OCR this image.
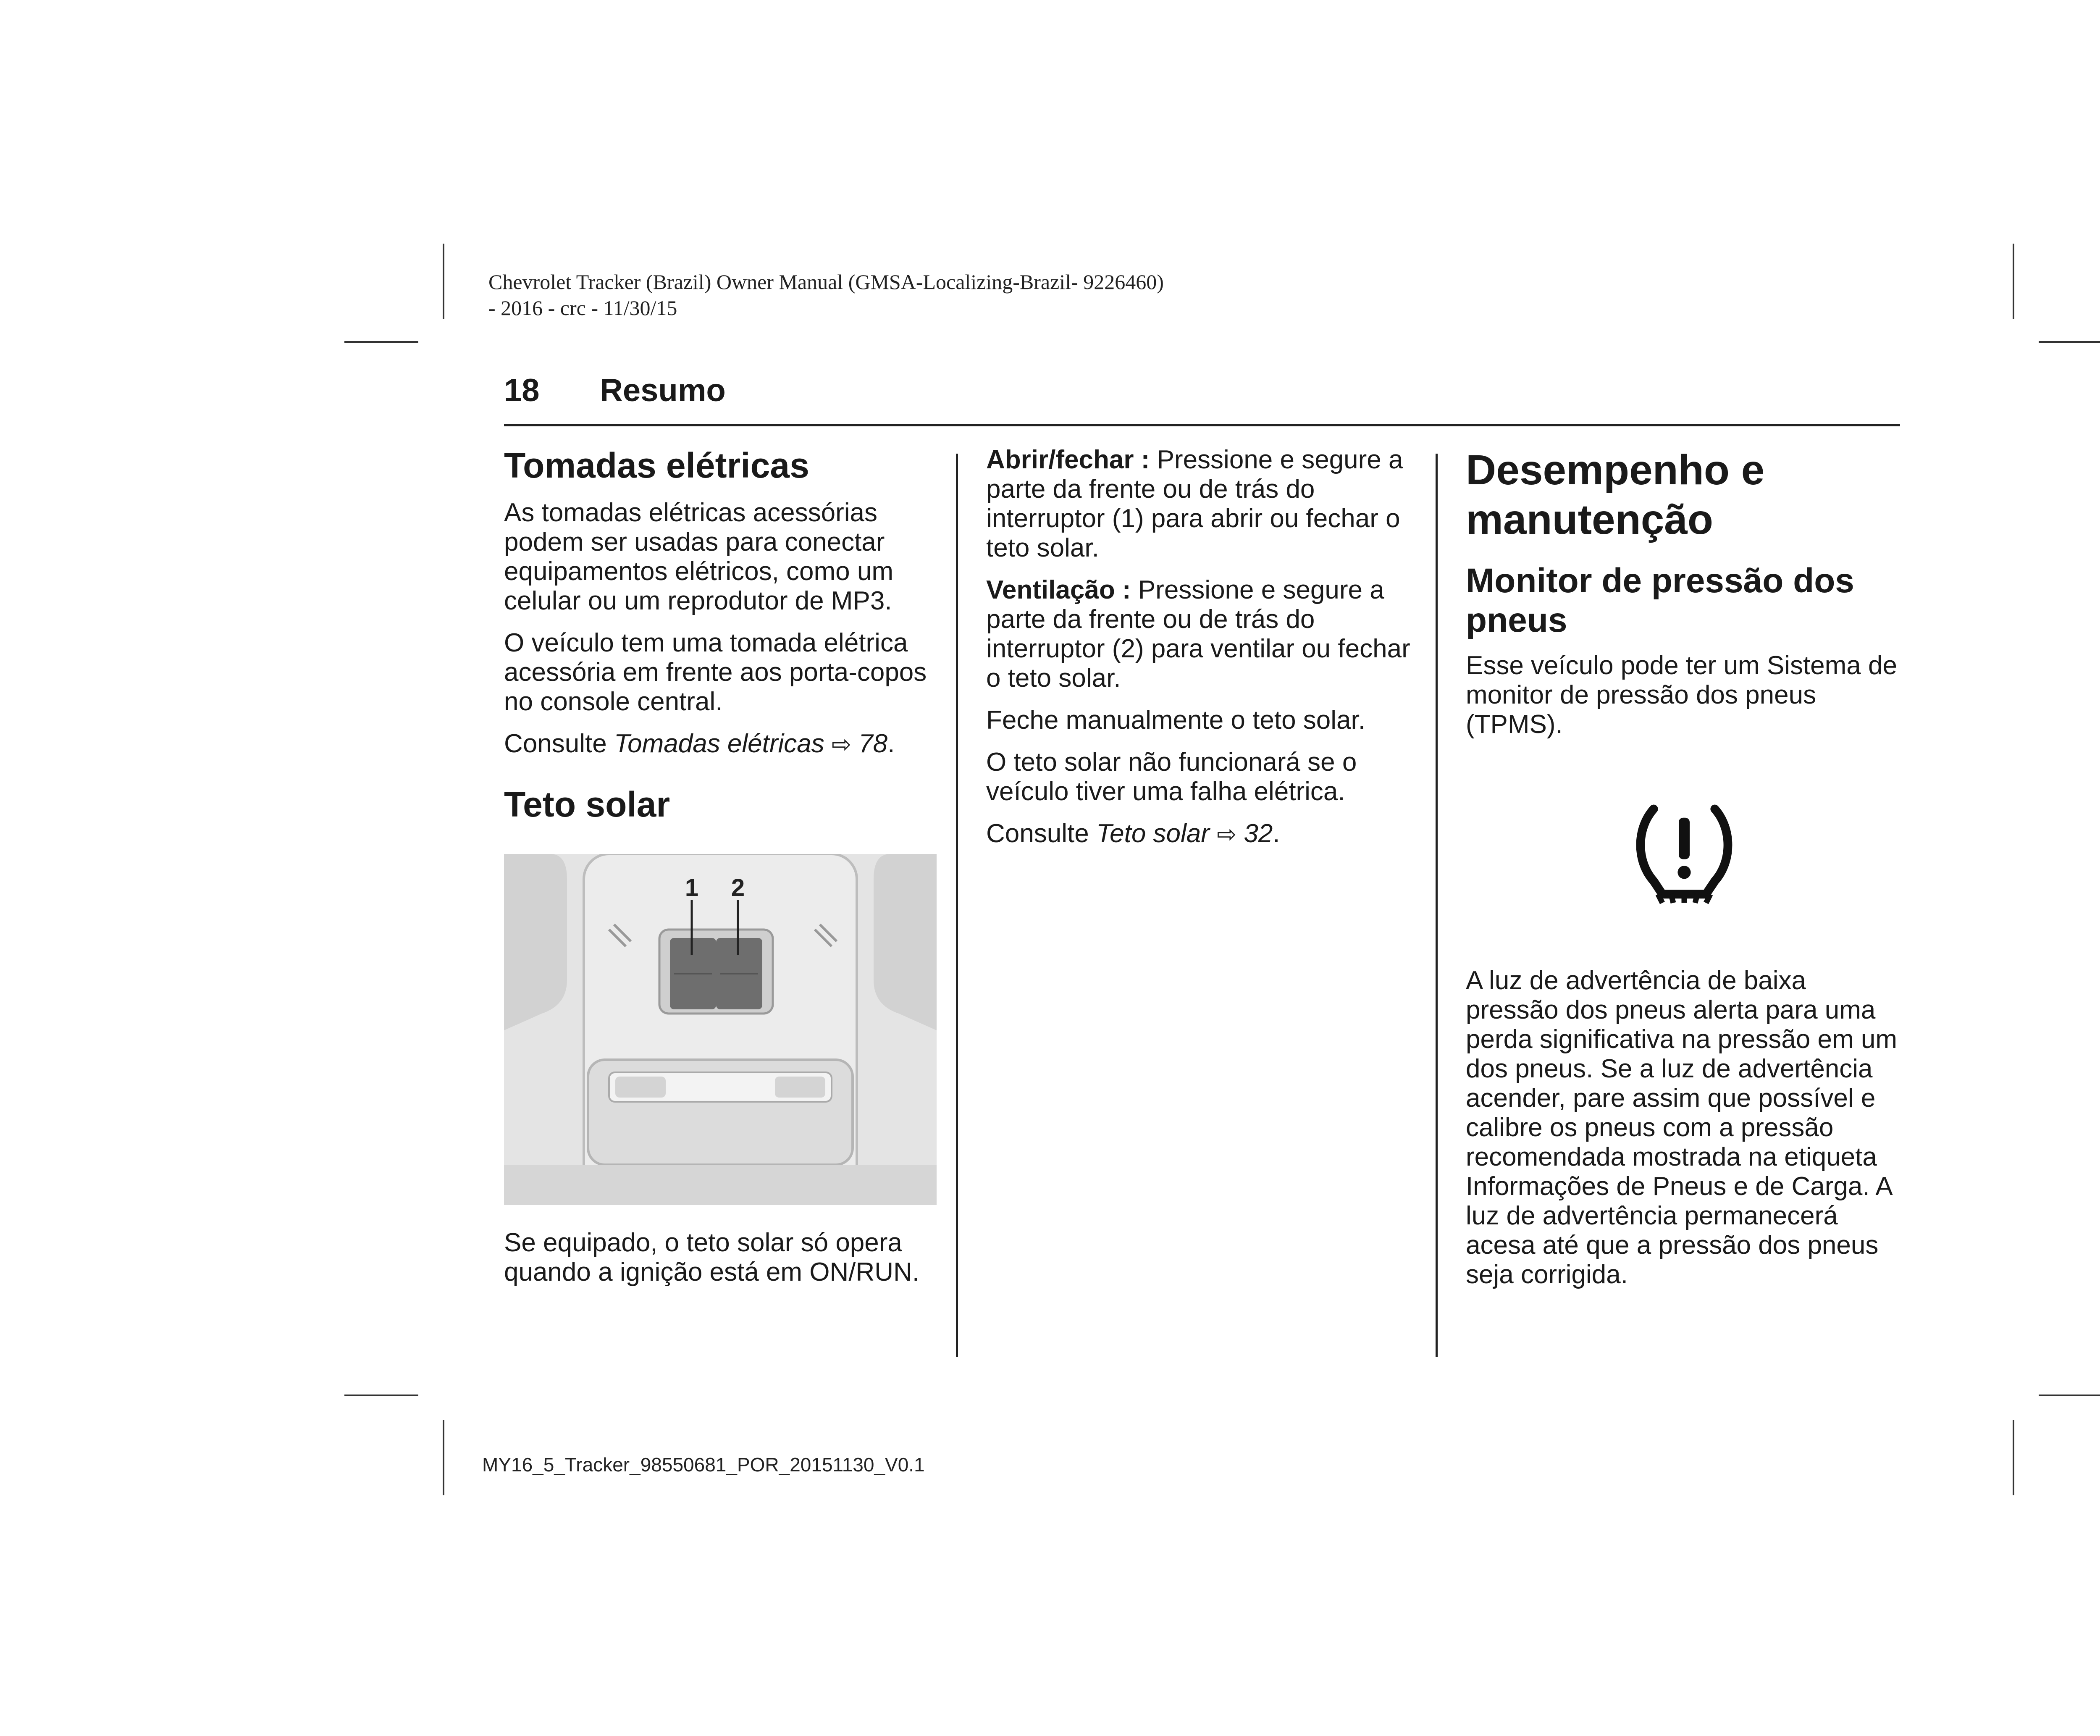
Chevrolet Tracker (Brazil) Owner Manual (GMSA-Localizing-Brazil- 9226460)
- 2016 - crc - 11/30/15
18 Resumo
Tomadas elétricas

As tomadas elétricas acessórias podem ser usadas para conectar equipamentos elétricos, como um celular ou um reprodutor de MP3.

O veículo tem uma tomada elétrica acessória em frente aos porta-copos no console central.

Consulte Tomadas elétricas ⇨ 78.

Teto solar
1 2

Se equipado, o teto solar só opera quando a ignição está em ON/RUN.

Abrir/fechar : Pressione e segure a parte da frente ou de trás do interruptor (1) para abrir ou fechar o teto solar.

Ventilação : Pressione e segure a parte da frente ou de trás do interruptor (2) para ventilar ou fechar o teto solar.

Feche manualmente o teto solar.

O teto solar não funcionará se o veículo tiver uma falha elétrica.

Consulte Teto solar ⇨ 32.

Desempenho e manutenção
Monitor de pressão dos pneus

Esse veículo pode ter um Sistema de monitor de pressão dos pneus (TPMS).

A luz de advertência de baixa pressão dos pneus alerta para uma perda significativa na pressão em um dos pneus. Se a luz de advertência acender, pare assim que possível e calibre os pneus com a pressão recomendada mostrada na etiqueta Informações de Pneus e de Carga. A luz de advertência permanecerá acesa até que a pressão dos pneus seja corrigida.

MY16_5_Tracker_98550681_POR_20151130_V0.1
